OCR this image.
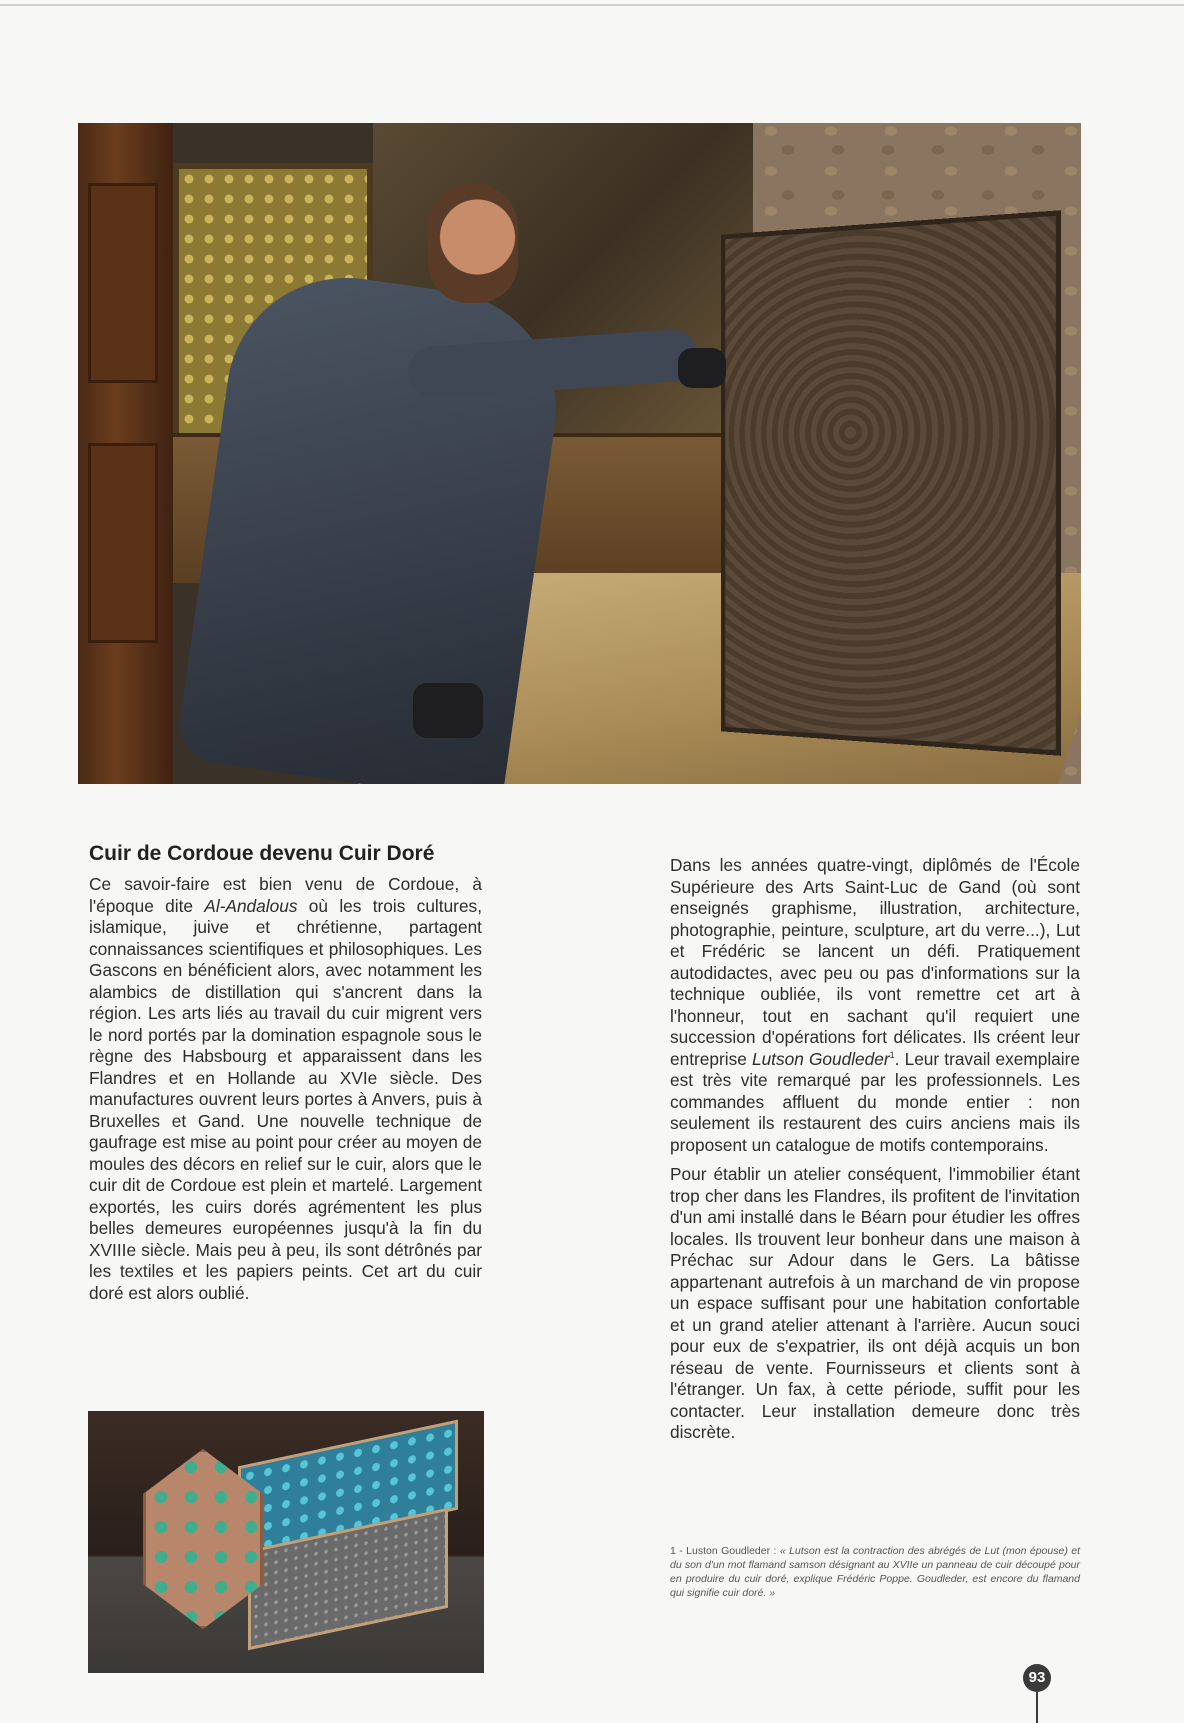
Cuir de Cordoue devenu Cuir Doré

Ce savoir-faire est bien venu de Cordoue, à l'époque dite Al-Andalous où les trois cultures, islamique, juive et chrétienne, partagent connaissances scientifiques et philosophiques. Les Gascons en bénéficient alors, avec notamment les alambics de distillation qui s'ancrent dans la région. Les arts liés au travail du cuir migrent vers le nord portés par la domination espagnole sous le règne des Habsbourg et apparaissent dans les Flandres et en Hollande au XVIe siècle. Des manufactures ouvrent leurs portes à Anvers, puis à Bruxelles et Gand. Une nouvelle technique de gaufrage est mise au point pour créer au moyen de moules des décors en relief sur le cuir, alors que le cuir dit de Cordoue est plein et martelé. Largement exportés, les cuirs dorés agrémentent les plus belles demeures européennes jusqu'à la fin du XVIIIe siècle. Mais peu à peu, ils sont détrônés par les textiles et les papiers peints. Cet art du cuir doré est alors oublié.

Dans les années quatre-vingt, diplômés de l'École Supérieure des Arts Saint-Luc de Gand (où sont enseignés graphisme, illustration, architecture, photographie, peinture, sculpture, art du verre...), Lut et Frédéric se lancent un défi. Pratiquement autodidactes, avec peu ou pas d'informations sur la technique oubliée, ils vont remettre cet art à l'honneur, tout en sachant qu'il requiert une succession d'opérations fort délicates. Ils créent leur entreprise Lutson Goudleder$^1$. Leur travail exemplaire est très vite remarqué par les professionnels. Les commandes affluent du monde entier : non seulement ils restaurent des cuirs anciens mais ils proposent un catalogue de motifs contemporains.

Pour établir un atelier conséquent, l'immobilier étant trop cher dans les Flandres, ils profitent de l'invitation d'un ami installé dans le Béarn pour étudier les offres locales. Ils trouvent leur bonheur dans une maison à Préchac sur Adour dans le Gers. La bâtisse appartenant autrefois à un marchand de vin propose un espace suffisant pour une habitation confortable et un grand atelier attenant à l'arrière. Aucun souci pour eux de s'expatrier, ils ont déjà acquis un bon réseau de vente. Fournisseurs et clients sont à l'étranger. Un fax, à cette période, suffit pour les contacter. Leur installation demeure donc très discrète.

1 - Luston Goudleder : « Lutson est la contraction des abrégés de Lut (mon épouse) et du son d'un mot flamand samson désignant au XVIIe un panneau de cuir découpé pour en produire du cuir doré, explique Frédéric Poppe. Goudleder, est encore du flamand qui signifie cuir doré. »
93
